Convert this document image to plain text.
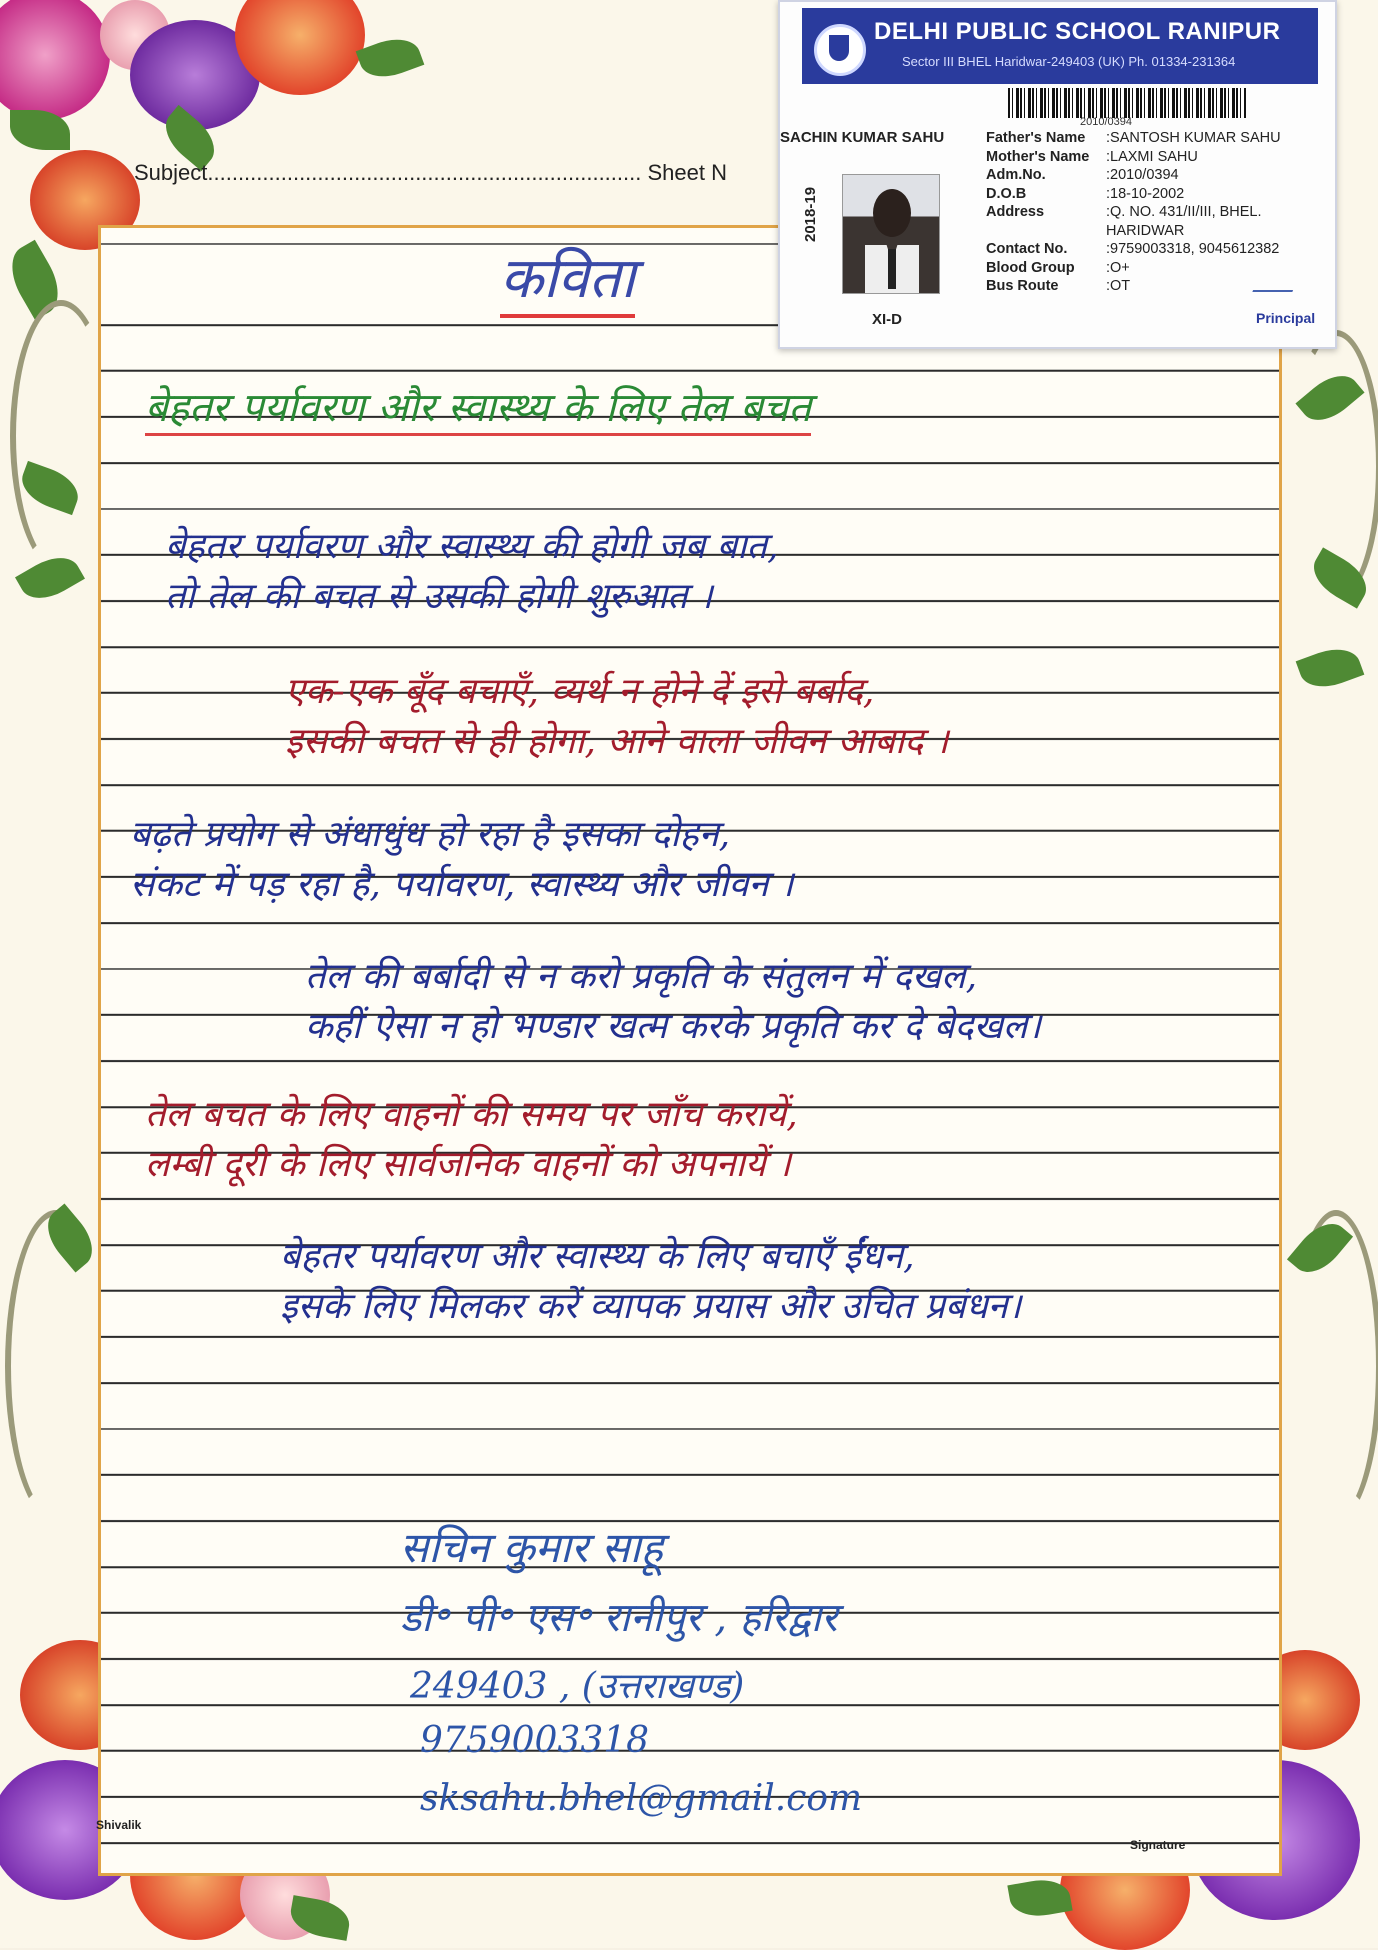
Subject....................................................................... Sheet N
DELHI PUBLIC SCHOOL RANIPUR
Sector III BHEL Haridwar-249403 (UK) Ph. 01334-231364
2010/0394
SACHIN KUMAR SAHU
2018-19
XI-D
Father's Name	:SANTOSH KUMAR SAHU
Mother's Name	:LAXMI SAHU
Adm.No.	:2010/0394
D.O.B	:18-10-2002
Address	:Q. NO. 431/II/III, BHEL.
HARIDWAR
Contact No.	:9759003318, 9045612382
Blood Group	:O+
Bus Route	:OT
Principal
कविता
बेहतर पर्यावरण और स्वास्थ्य के लिए तेल बचत
बेहतर पर्यावरण और स्वास्थ्य की होगी जब बात,
तो तेल की बचत से उसकी होगी शुरुआत ।
एक-एक बूँद बचाएँ, व्यर्थ न होने दें इसे बर्बाद,
इसकी बचत से ही होगा, आने वाला जीवन आबाद ।
बढ़ते प्रयोग से अंधाधुंध हो रहा है इसका दोहन,
संकट में पड़ रहा है, पर्यावरण, स्वास्थ्य और जीवन ।
तेल की बर्बादी से न करो प्रकृति के संतुलन में दखल,
कहीं ऐसा न हो भण्डार खत्म करके प्रकृति कर दे बेदखल।
तेल बचत के लिए वाहनों की समय पर जाँच करायें,
लम्बी दूरी के लिए सार्वजनिक वाहनों को अपनायें ।
बेहतर पर्यावरण और स्वास्थ्य के लिए बचाएँ ईंधन,
इसके लिए मिलकर करें व्यापक प्रयास और उचित प्रबंधन।
सचिन कुमार साहू
डी॰ पी॰ एस॰ रानीपुर , हरिद्वार
249403 , (उत्तराखण्ड)
9759003318
sksahu.bhel@gmail.com
Shivalik
Signature
